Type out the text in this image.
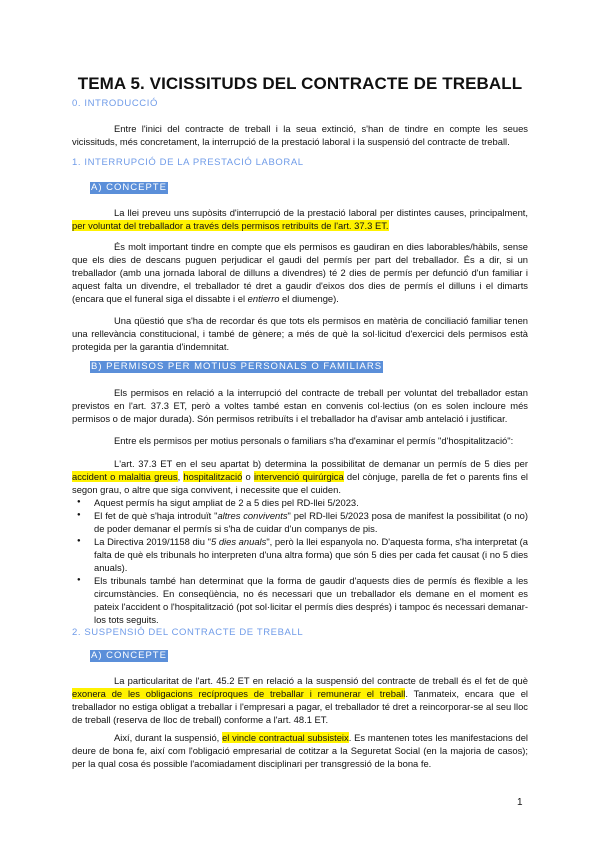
TEMA 5. VICISSITUDS DEL CONTRACTE DE TREBALL
0. INTRODUCCIÓ
Entre l'inici del contracte de treball i la seua extinció, s'han de tindre en compte les seues vicissituds, més concretament, la interrupció de la prestació laboral i la suspensió del contracte de treball.
1. INTERRUPCIÓ DE LA PRESTACIÓ LABORAL
A) CONCEPTE
La llei preveu uns supòsits d'interrupció de la prestació laboral per distintes causes, principalment, per voluntat del treballador a través dels permisos retribuïts de l'art. 37.3 ET.
És molt important tindre en compte que els permisos es gaudiran en dies laborables/hàbils, sense que els dies de descans puguen perjudicar el gaudi del permís per part del treballador. És a dir, si un treballador (amb una jornada laboral de dilluns a divendres) té 2 dies de permís per defunció d'un familiar i aquest falta un divendre, el treballador té dret a gaudir d'eixos dos dies de permís el dilluns i el dimarts (encara que el funeral siga el dissabte i el entierro el diumenge).
Una qüestió que s'ha de recordar és que tots els permisos en matèria de conciliació familiar tenen una rellevància constitucional, i també de gènere; a més de què la sol·licitud d'exercici dels permisos està protegida per la garantia d'indemnitat.
B) PERMISOS PER MOTIUS PERSONALS O FAMILIARS
Els permisos en relació a la interrupció del contracte de treball per voluntat del treballador estan previstos en l'art. 37.3 ET, però a voltes també estan en convenis col·lectius (on es solen incloure més permisos o de major durada). Són permisos retribuïts i el treballador ha d'avisar amb antelació i justificar.
Entre els permisos per motius personals o familiars s'ha d'examinar el permís "d'hospitalització":
L'art. 37.3 ET en el seu apartat b) determina la possibilitat de demanar un permís de 5 dies per accident o malaltia greus, hospitalització o intervenció quirúrgica del cònjuge, parella de fet o parents fins el segon grau, o altre que siga convivent, i necessite que el cuiden.
● Aquest permís ha sigut ampliat de 2 a 5 dies pel RD-llei 5/2023.
● El fet de què s'haja introduït "altres convivents" pel RD-llei 5/2023 posa de manifest la possibilitat (o no) de poder demanar el permís si s'ha de cuidar d'un companys de pis.
● La Directiva 2019/1158 diu "5 dies anuals", però la llei espanyola no. D'aquesta forma, s'ha interpretat (a falta de què els tribunals ho interpreten d'una altra forma) que són 5 dies per cada fet causat (i no 5 dies anuals).
● Els tribunals també han determinat que la forma de gaudir d'aquests dies de permís és flexible a les circumstàncies. En conseqüència, no és necessari que un treballador els demane en el moment es pateix l'accident o l'hospitalització (pot sol·licitar el permís dies després) i tampoc és necessari demanar-los tots seguits.
2. SUSPENSIÓ DEL CONTRACTE DE TREBALL
A) CONCEPTE
La particularitat de l'art. 45.2 ET en relació a la suspensió del contracte de treball és el fet de què exonera de les obligacions recíproques de treballar i remunerar el treball. Tanmateix, encara que el treballador no estiga obligat a treballar i l'empresari a pagar, el treballador té dret a reincorporar-se al seu lloc de treball (reserva de lloc de treball) conforme a l'art. 48.1 ET.
Així, durant la suspensió, el vincle contractual subsisteix. Es mantenen totes les manifestacions del deure de bona fe, així com l'obligació empresarial de cotitzar a la Seguretat Social (en la majoria de casos); per la qual cosa és possible l'acomiadament disciplinari per transgressió de la bona fe.
1
